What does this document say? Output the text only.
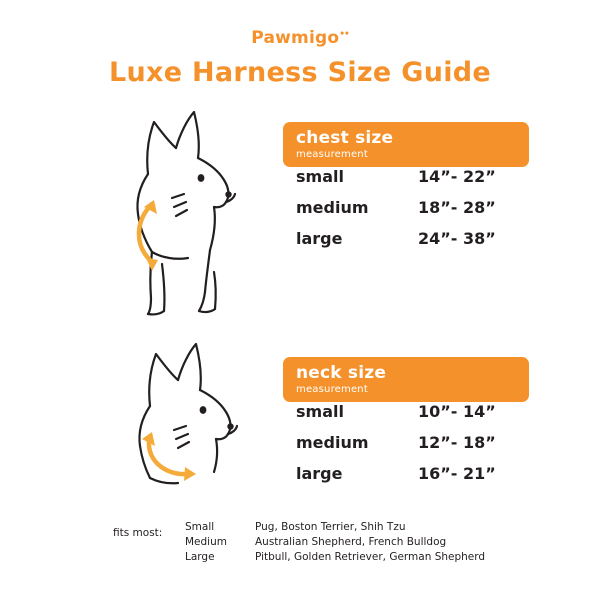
Pawmigo••
Luxe Harness Size Guide
chest size
measurement
small	14”- 22”
medium	18”- 28”
large	24”- 38”
neck size
measurement
small	10”- 14”
medium	12”- 18”
large	16”- 21”
fits most: Small	Pug, Boston Terrier, Shih Tzu
Medium	Australian Shepherd, French Bulldog
Large	Pitbull, Golden Retriever, German Shepherd
